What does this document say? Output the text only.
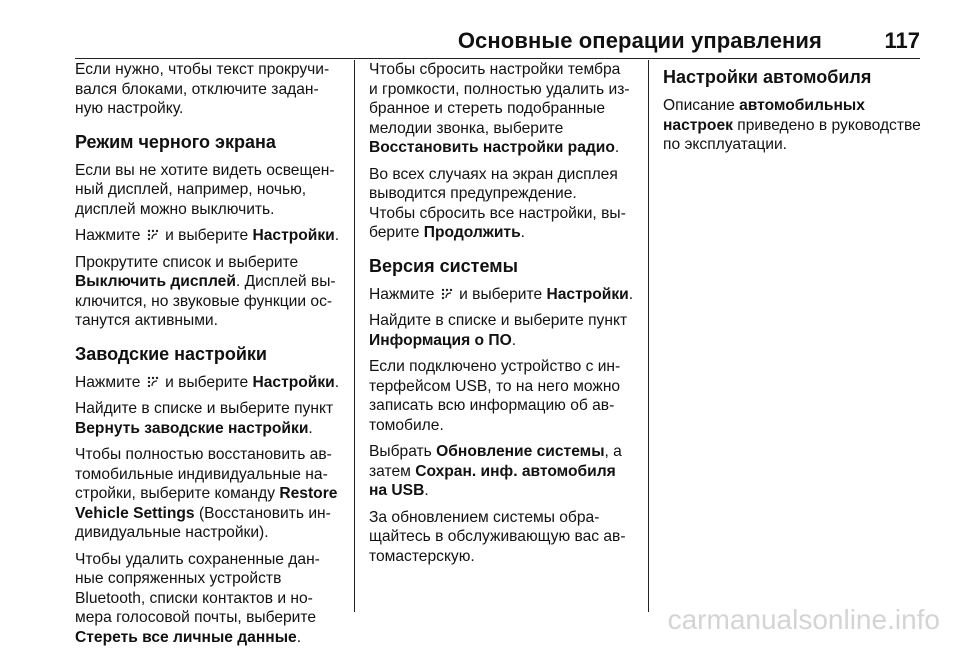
Основные операции управления	117

Если нужно, чтобы текст прокручи-
вался блоками, отключите задан-
ную настройку.

Режим черного экрана

Если вы не хотите видеть освещен-
ный дисплей, например, ночью,
дисплей можно выключить.

Нажмите и выберите Настройки.

Прокрутите список и выберите
Выключить дисплей. Дисплей вы-
ключится, но звуковые функции ос-
танутся активными.

Заводские настройки

Нажмите и выберите Настройки.

Найдите в списке и выберите пункт
Вернуть заводские настройки.

Чтобы полностью восстановить ав-
томобильные индивидуальные на-
стройки, выберите команду Restore
Vehicle Settings (Восстановить ин-
дивидуальные настройки).

Чтобы удалить сохраненные дан-
ные сопряженных устройств
Bluetooth, списки контактов и но-
мера голосовой почты, выберите
Стереть все личные данные.

Чтобы сбросить настройки тембра
и громкости, полностью удалить из-
бранное и стереть подобранные
мелодии звонка, выберите
Восстановить настройки радио.

Во всех случаях на экран дисплея
выводится предупреждение.
Чтобы сбросить все настройки, вы-
берите Продолжить.

Версия системы

Нажмите и выберите Настройки.

Найдите в списке и выберите пункт
Информация о ПО.

Если подключено устройство с ин-
терфейсом USB, то на него можно
записать всю информацию об ав-
томобиле.

Выбрать Обновление системы, а
затем Сохран. инф. автомобиля
на USB.

За обновлением системы обра-
щайтесь в обслуживающую вас ав-
томастерскую.

Настройки автомобиля

Описание автомобильных
настроек приведено в руководстве
по эксплуатации.

carmanualsonline.info
